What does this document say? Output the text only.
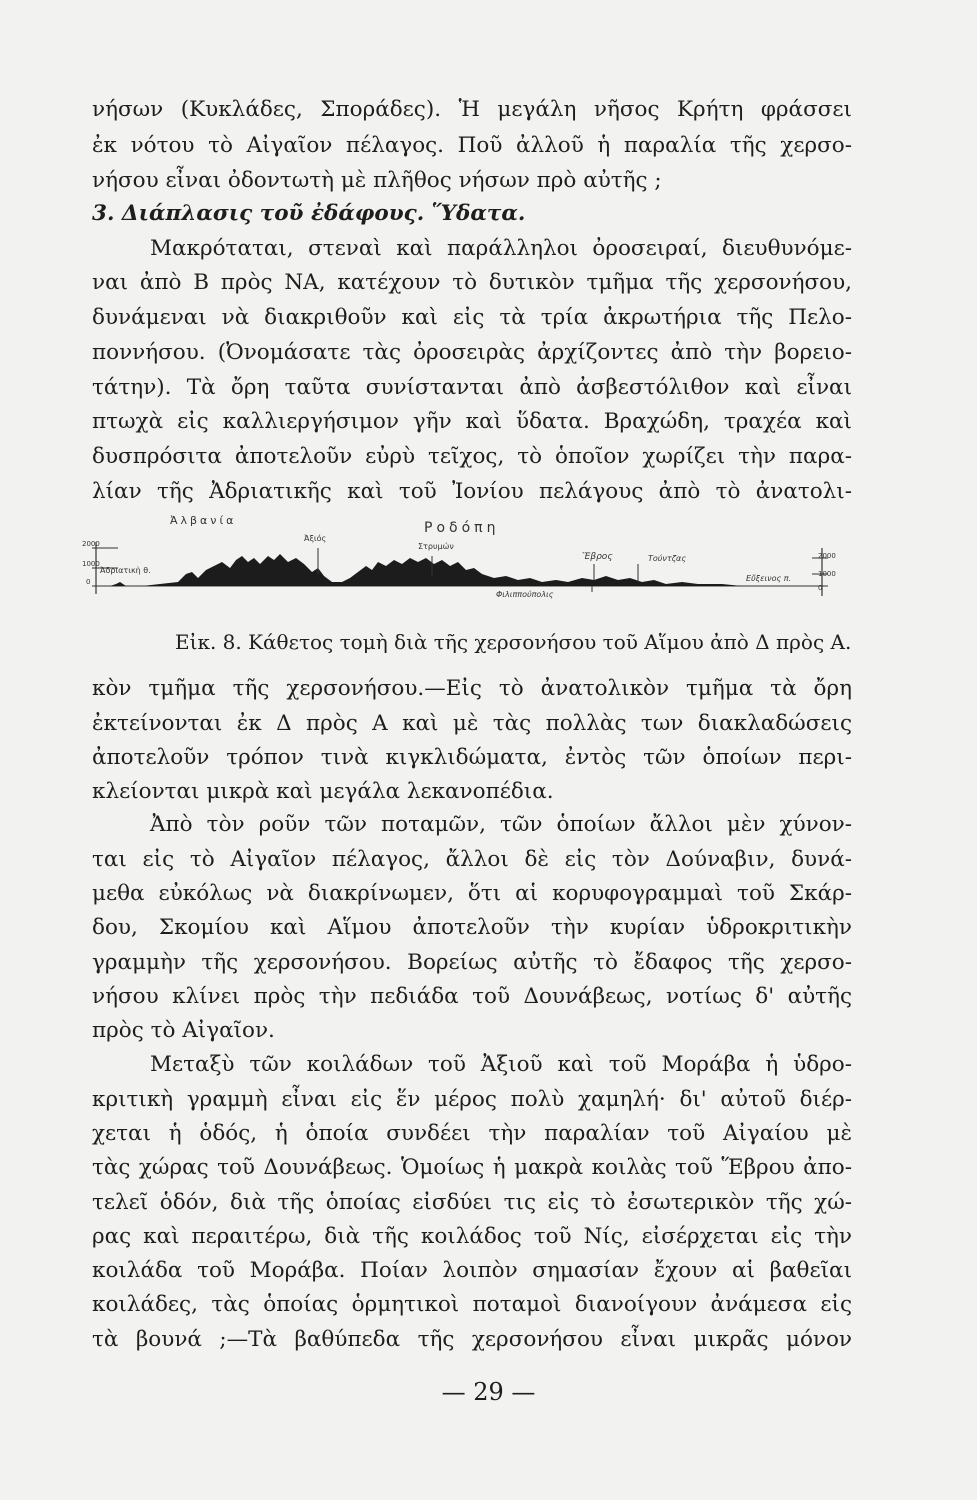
νήσων (Κυκλάδες, Σποράδες). Ἡ μεγάλη νῆσος Κρήτη φράσσει
ἐκ νότου τὸ Αἰγαῖον πέλαγος. Ποῦ ἀλλοῦ ἡ παραλία τῆς χερσο-
νήσου εἶναι ὀδοντωτὴ μὲ πλῆθος νήσων πρὸ αὐτῆς ;
3. Διάπλασις τοῦ ἐδάφους. Ὕδατα.
Μακρόταται, στεναὶ καὶ παράλληλοι ὀροσειραί, διευθυνόμε-
ναι ἀπὸ Β πρὸς ΝΑ, κατέχουν τὸ δυτικὸν τμῆμα τῆς χερσονήσου,
δυνάμεναι νὰ διακριθοῦν καὶ εἰς τὰ τρία ἀκρωτήρια τῆς Πελο-
ποννήσου. (Ὀνομάσατε τὰς ὀροσειρὰς ἀρχίζοντες ἀπὸ τὴν βορειο-
τάτην). Τὰ ὄρη ταῦτα συνίστανται ἀπὸ ἀσβεστόλιθον καὶ εἶναι
πτωχὰ εἰς καλλιεργήσιμον γῆν καὶ ὕδατα. Βραχώδη, τραχέα καὶ
δυσπρόσιτα ἀποτελοῦν εὐρὺ τεῖχος, τὸ ὁποῖον χωρίζει τὴν παρα-
λίαν τῆς Ἀδριατικῆς καὶ τοῦ Ἰονίου πελάγους ἀπὸ τὸ ἀνατολι-
Ἀλβανία	Ροδόπη
Ἀδριατικὴ θ.
Ἀξιός
Στρυμών
Ἕβρος	Τούντζας
Εὔξεινος π.
Φιλιππούπολις
2000
1000
0
2000
1000
0
Εἰκ. 8. Κάθετος τομὴ διὰ τῆς χερσονήσου τοῦ Αἵμου ἀπὸ Δ πρὸς Α.
κὸν τμῆμα τῆς χερσονήσου.—Εἰς τὸ ἀνατολικὸν τμῆμα τὰ ὄρη
ἐκτείνονται ἐκ Δ πρὸς Α καὶ μὲ τὰς πολλὰς των διακλαδώσεις
ἀποτελοῦν τρόπον τινὰ κιγκλιδώματα, ἐντὸς τῶν ὁποίων περι-
κλείονται μικρὰ καὶ μεγάλα λεκανοπέδια.
Ἀπὸ τὸν ροῦν τῶν ποταμῶν, τῶν ὁποίων ἄλλοι μὲν χύνον-
ται εἰς τὸ Αἰγαῖον πέλαγος, ἄλλοι δὲ εἰς τὸν Δούναβιν, δυνά-
μεθα εὐκόλως νὰ διακρίνωμεν, ὅτι αἱ κορυφογραμμαὶ τοῦ Σκάρ-
δου, Σκομίου καὶ Αἵμου ἀποτελοῦν τὴν κυρίαν ὑδροκριτικὴν
γραμμὴν τῆς χερσονήσου. Βορείως αὐτῆς τὸ ἔδαφος τῆς χερσο-
νήσου κλίνει πρὸς τὴν πεδιάδα τοῦ Δουνάβεως, νοτίως δ' αὐτῆς
πρὸς τὸ Αἰγαῖον.
Μεταξὺ τῶν κοιλάδων τοῦ Ἀξιοῦ καὶ τοῦ Μοράβα ἡ ὑδρο-
κριτικὴ γραμμὴ εἶναι εἰς ἕν μέρος πολὺ χαμηλή· δι' αὐτοῦ διέρ-
χεται ἡ ὁδός, ἡ ὁποία συνδέει τὴν παραλίαν τοῦ Αἰγαίου μὲ
τὰς χώρας τοῦ Δουνάβεως. Ὁμοίως ἡ μακρὰ κοιλὰς τοῦ Ἕβρου ἀπο-
τελεῖ ὁδόν, διὰ τῆς ὁποίας εἰσδύει τις εἰς τὸ ἐσωτερικὸν τῆς χώ-
ρας καὶ περαιτέρω, διὰ τῆς κοιλάδος τοῦ Νίς, εἰσέρχεται εἰς τὴν
κοιλάδα τοῦ Μοράβα. Ποίαν λοιπὸν σημασίαν ἔχουν αἱ βαθεῖαι
κοιλάδες, τὰς ὁποίας ὁρμητικοὶ ποταμοὶ διανοίγουν ἀνάμεσα εἰς
τὰ βουνά ;—Τὰ βαθύπεδα τῆς χερσονήσου εἶναι μικρᾶς μόνον
— 29 —
